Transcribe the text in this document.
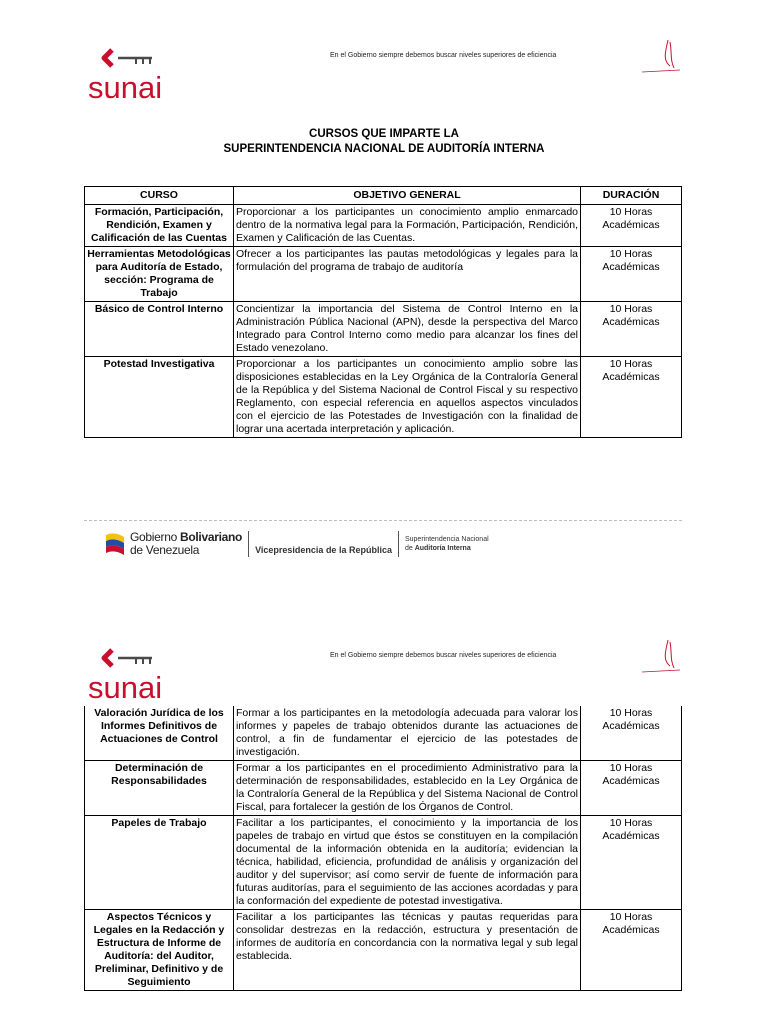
sunai
En el Gobierno siempre debemos buscar niveles superiores de eficiencia
CURSOS QUE IMPARTE LA
SUPERINTENDENCIA NACIONAL DE AUDITORÍA INTERNA
CURSO	OBJETIVO GENERAL	DURACIÓN
Formación, Participación, Rendición, Examen y Calificación de las Cuentas	Proporcionar a los participantes un conocimiento amplio enmarcado dentro de la normativa legal para la Formación, Participación, Rendición, Examen y Calificación de las Cuentas.	10 Horas Académicas
Herramientas Metodológicas para Auditoría de Estado, sección: Programa de Trabajo	Ofrecer a los participantes las pautas metodológicas y legales para la formulación del programa de trabajo de auditoría	10 Horas Académicas
Básico de Control Interno	Concientizar la importancia del Sistema de Control Interno en la Administración Pública Nacional (APN), desde la perspectiva del Marco Integrado para Control Interno como medio para alcanzar los fines del Estado venezolano.	10 Horas Académicas
Potestad Investigativa	Proporcionar a los participantes un conocimiento amplio sobre las disposiciones establecidas en la Ley Orgánica de la Contraloría General de la República y del Sistema Nacional de Control Fiscal y su respectivo Reglamento, con especial referencia en aquellos aspectos vinculados con el ejercicio de las Potestades de Investigación con la finalidad de lograr una acertada interpretación y aplicación.	10 Horas Académicas
Gobierno Bolivariano
de Venezuela	Vicepresidencia de la República
Superintendencia Nacional
de Auditoría Interna
sunai
En el Gobierno siempre debemos buscar niveles superiores de eficiencia
Valoración Jurídica de los Informes Definitivos de Actuaciones de Control	Formar a los participantes en la metodología adecuada para valorar los informes y papeles de trabajo obtenidos durante las actuaciones de control, a fin de fundamentar el ejercicio de las potestades de investigación.	10 Horas Académicas
Determinación de Responsabilidades	Formar a los participantes en el procedimiento Administrativo para la determinación de responsabilidades, establecido en la Ley Orgánica de la Contraloría General de la República y del Sistema Nacional de Control Fiscal, para fortalecer la gestión de los Órganos de Control.	10 Horas Académicas
Papeles de Trabajo	Facilitar a los participantes, el conocimiento y la importancia de los papeles de trabajo en virtud que éstos se constituyen en la compilación documental de la información obtenida en la auditoría; evidencian la técnica, habilidad, eficiencia, profundidad de análisis y organización del auditor y del supervisor; así como servir de fuente de información para futuras auditorías, para el seguimiento de las acciones acordadas y para la conformación del expediente de potestad investigativa.	10 Horas Académicas
Aspectos Técnicos y Legales en la Redacción y Estructura de Informe de Auditoría: del Auditor, Preliminar, Definitivo y de Seguimiento	Facilitar a los participantes las técnicas y pautas requeridas para consolidar destrezas en la redacción, estructura y presentación de informes de auditoría en concordancia con la normativa legal y sub legal establecida.	10 Horas Académicas
